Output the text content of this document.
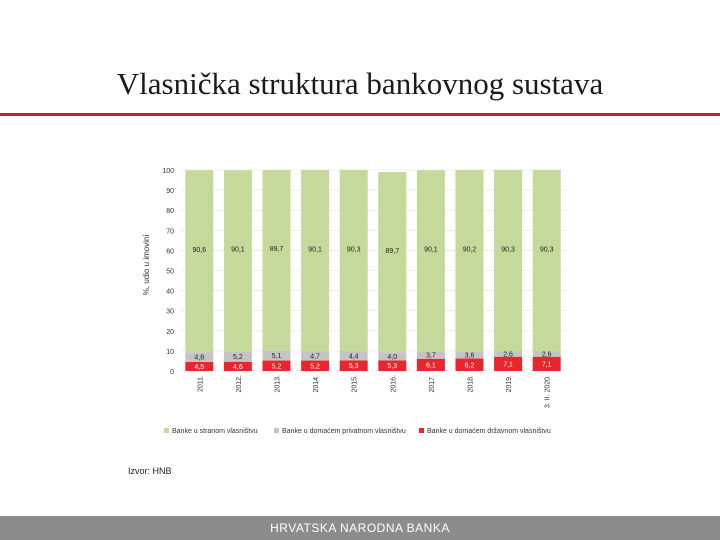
Vlasnička struktura bankovnog sustava
0
10
20
30
40
50
60
70
80
90
100
%, udio u imovini
4,5
4,8
90,6
4,6
5,2
90,1
5,2
5,1
89,7
5,2
4,7
90,1
5,3
4,4
90,3
5,3
4,0
89,7
6,1
3,7
90,1
6,2
3,6
90,2
7,1
2,6
90,3
7,1
2,6
90,3
2011.	2012.	2013.	2014.	2015.	2016.	2017.	2018.	2019.	3. II. 2020.
Banke u stranom vlasništvu	Banke u domaćem privatnom vlasništvu	Banke u domaćem državnom vlasništvu
Izvor: HNB
HRVATSKA NARODNA BANKA
